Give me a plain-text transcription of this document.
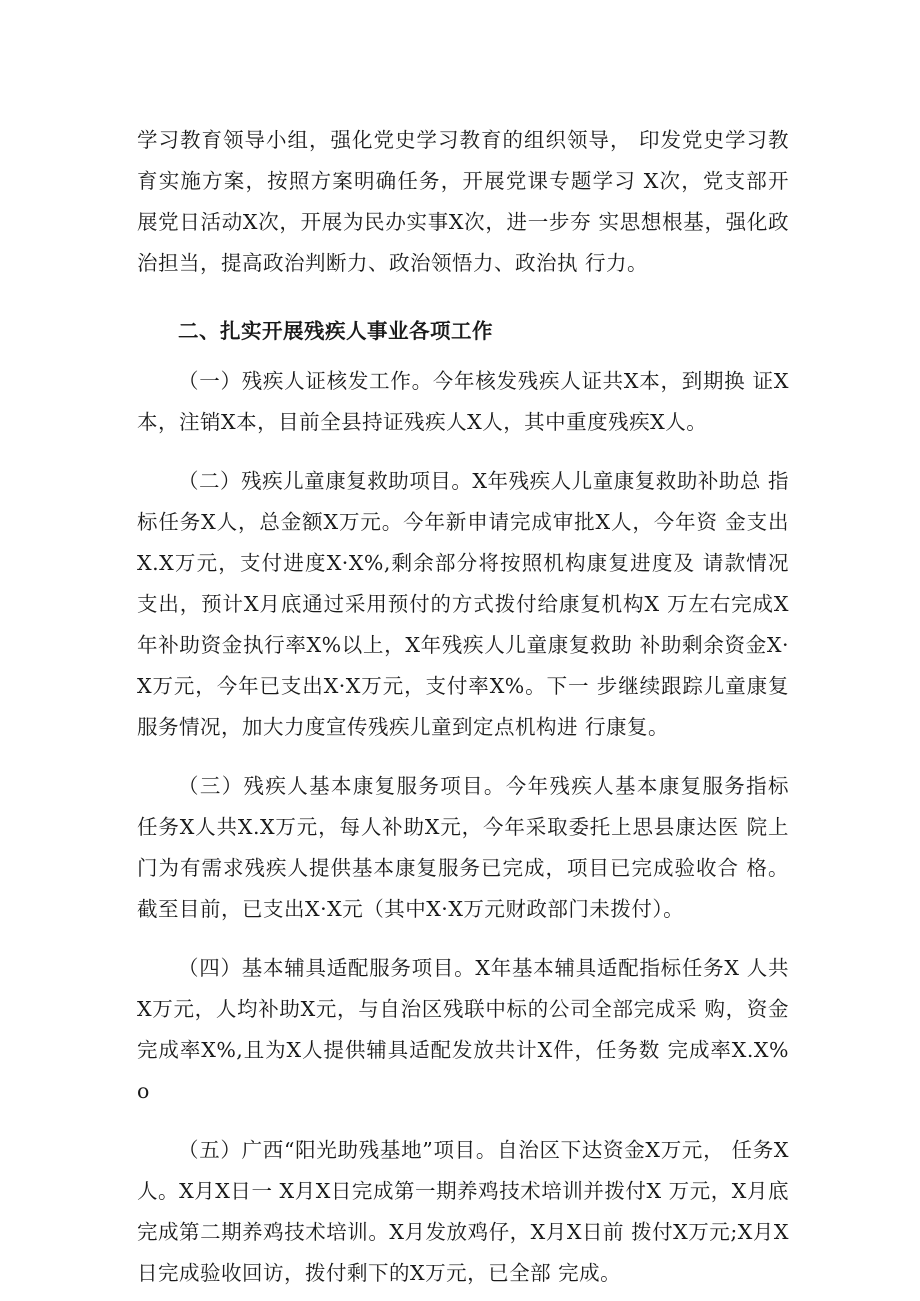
学习教育领导小组，强化党史学习教育的组织领导， 印发党史学习教育实施方案，按照方案明确任务，开展党课专题学习 X次，党支部开展党日活动X次，开展为民办实事X次，进一步夯 实思想根基，强化政治担当，提高政治判断力、政治领悟力、政治执 行力。

二、扎实开展残疾人事业各项工作

（一）残疾人证核发工作。今年核发残疾人证共X本，到期换 证X本，注销X本，目前全县持证残疾人X人，其中重度残疾X人。

（二）残疾儿童康复救助项目。X年残疾人儿童康复救助补助总 指标任务X人，总金额X万元。今年新申请完成审批X人，今年资 金支出X.X万元，支付进度X·X%,剩余部分将按照机构康复进度及 请款情况支出，预计X月底通过采用预付的方式拨付给康复机构X 万左右完成X年补助资金执行率X%以上，X年残疾人儿童康复救助 补助剩余资金X·X万元，今年已支出X·X万元，支付率X%。下一 步继续跟踪儿童康复服务情况，加大力度宣传残疾儿童到定点机构进 行康复。

（三）残疾人基本康复服务项目。今年残疾人基本康复服务指标 任务X人共X.X万元，每人补助X元，今年采取委托上思县康达医 院上门为有需求残疾人提供基本康复服务已完成，项目已完成验收合 格。截至目前，已支出X·X元（其中X·X万元财政部门未拨付）。

（四）基本辅具适配服务项目。X年基本辅具适配指标任务X 人共X万元，人均补助X元，与自治区残联中标的公司全部完成采 购，资金完成率X%,且为X人提供辅具适配发放共计X件，任务数 完成率X.X%o

（五）广西“阳光助残基地”项目。自治区下达资金X万元， 任务X人。X月X日一 X月X日完成第一期养鸡技术培训并拨付X 万元，X月底完成第二期养鸡技术培训。X月发放鸡仔，X月X日前 拨付X万元;X月X日完成验收回访，拨付剩下的X万元，已全部 完成。
